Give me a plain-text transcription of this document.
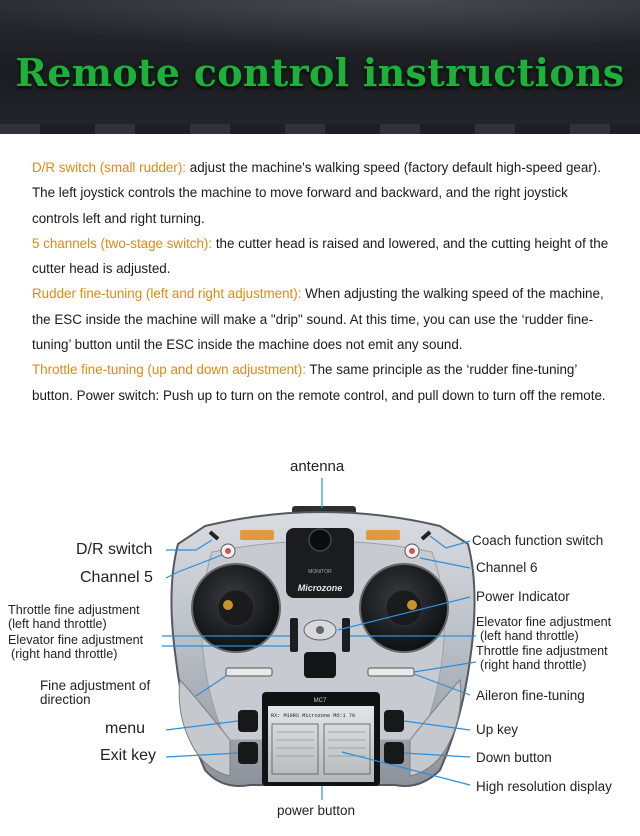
Remote control instructions

D/R switch (small rudder): adjust the machine's walking speed (factory default high-speed gear). The left joystick controls the machine to move forward and backward, and the right joystick controls left and right turning.

5 channels (two-stage switch): the cutter head is raised and lowered, and the cutting height of the cutter head is adjusted.

Rudder fine-tuning (left and right adjustment): When adjusting the walking speed of the machine, the ESC inside the machine will make a "drip" sound. At this time, you can use the ‘rudder fine-tuning’ button until the ESC inside the machine does not emit any sound.

Throttle fine-tuning (up and down adjustment): The same principle as the ‘rudder fine-tuning’ button. Power switch: Push up to turn on the remote control, and pull down to turn off the remote.

MONITOR
Microzone
MC7
RX: M19RS Microzone MO:1 70
antenna
power button
D/R switch
Channel 5
Throttle fine adjustment
(left hand throttle)
Elevator fine adjustment
(right hand throttle)
Fine adjustment of
direction
menu
Exit key
Coach function switch
Channel 6
Power Indicator
Elevator fine adjustment
(left hand throttle)
Throttle fine adjustment
(right hand throttle)
Aileron fine-tuning
Up key
Down button
High resolution display
